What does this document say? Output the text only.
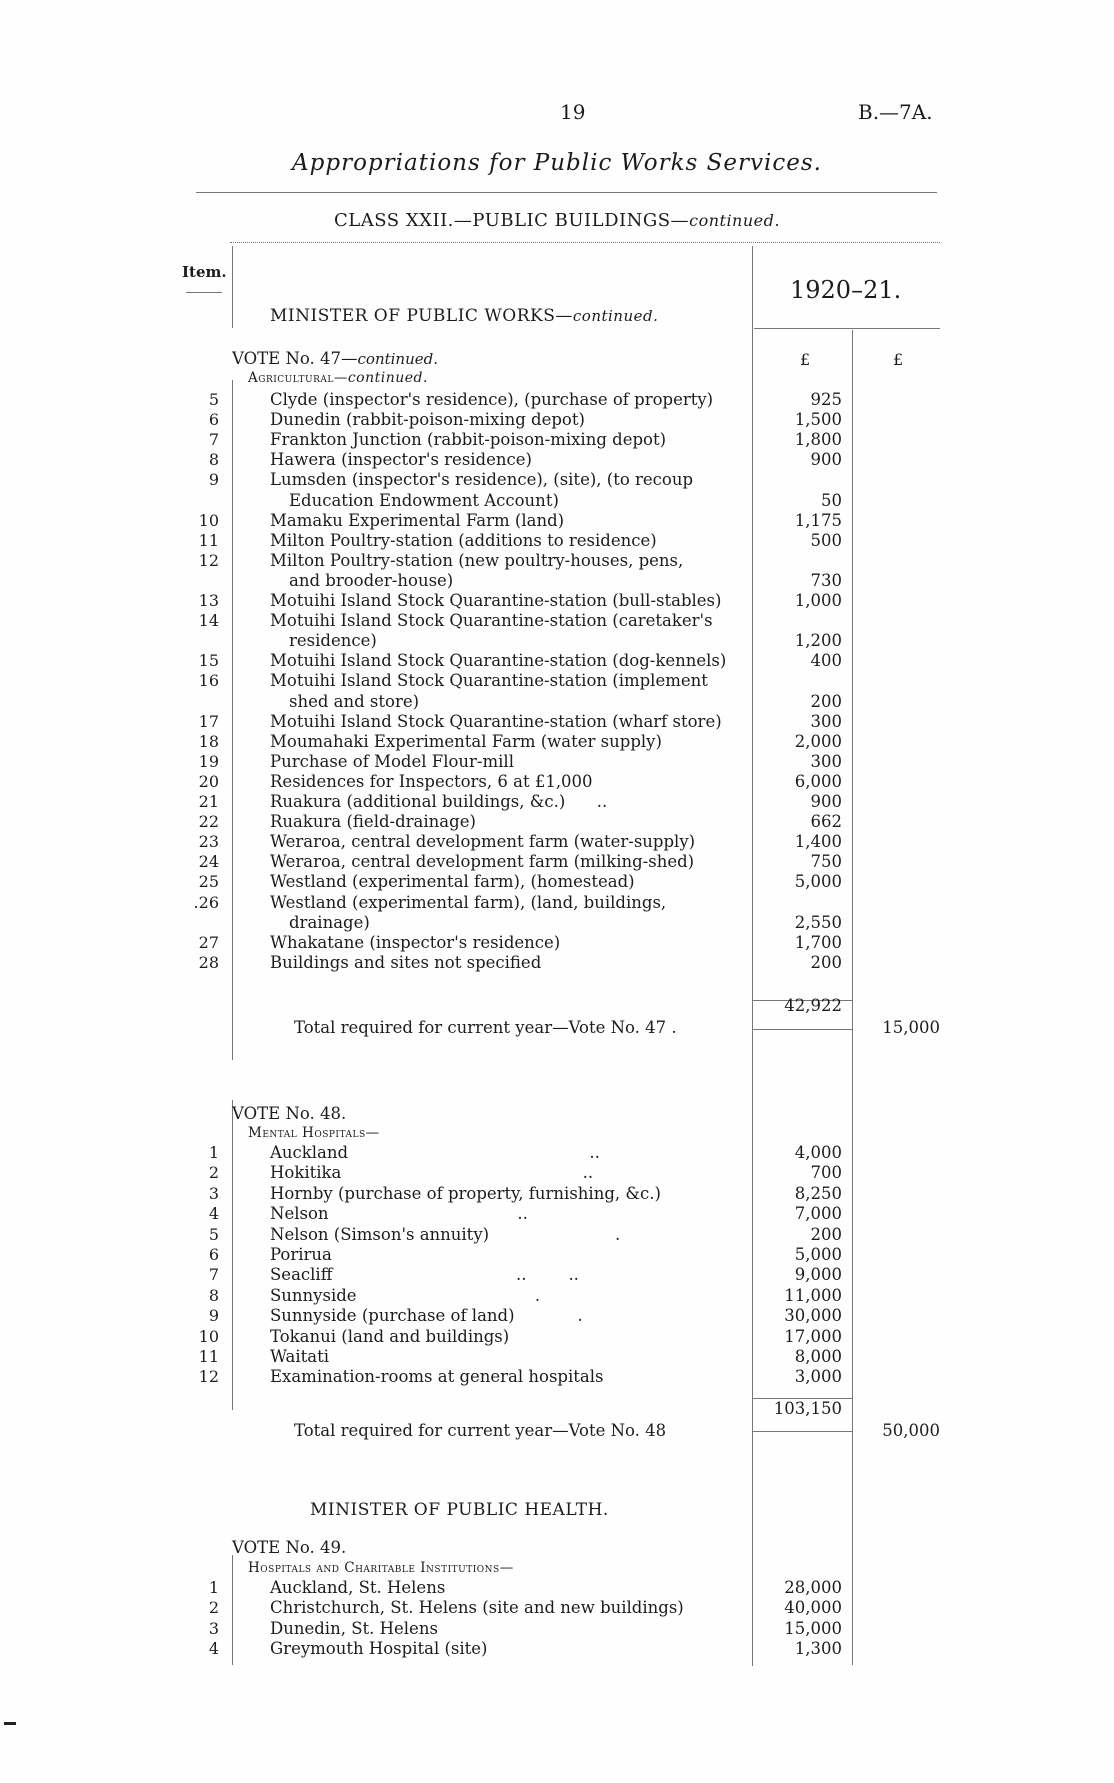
19	B.—7A.
Appropriations for Public Works Services.
CLASS XXII.—PUBLIC BUILDINGS—continued.
Item.
1920–21.
MINISTER OF PUBLIC WORKS—continued.
£	£
VOTE No. 47—continued.
Agricultural—continued.
5	Clyde (inspector's residence), (purchase of property)	925
6	Dunedin (rabbit-poison-mixing depot)	1,500
7	Frankton Junction (rabbit-poison-mixing depot)	1,800
8	Hawera (inspector's residence)	900
9	Lumsden (inspector's residence), (site), (to recoup
Education Endowment Account)	50
10	Mamaku Experimental Farm (land)	1,175
11	Milton Poultry-station (additions to residence)	500
12	Milton Poultry-station (new poultry-houses, pens,
and brooder-house)	730
13	Motuihi Island Stock Quarantine-station (bull-stables)	1,000
14	Motuihi Island Stock Quarantine-station (caretaker's
residence)	1,200
15	Motuihi Island Stock Quarantine-station (dog-kennels)	400
16	Motuihi Island Stock Quarantine-station (implement
shed and store)	200
17	Motuihi Island Stock Quarantine-station (wharf store)	300
18	Moumahaki Experimental Farm (water supply)	2,000
19	Purchase of Model Flour-mill	300
20	Residences for Inspectors, 6 at £1,000	6,000
21	Ruakura (additional buildings, &c.)      ..	900
22	Ruakura (field-drainage)	662
23	Weraroa, central development farm (water-supply)	1,400
24	Weraroa, central development farm (milking-shed)	750
25	Westland (experimental farm), (homestead)	5,000
.26	Westland (experimental farm), (land, buildings,
drainage)	2,550
27	Whakatane (inspector's residence)	1,700
28	Buildings and sites not specified	200
42,922
Total required for current year—Vote No. 47 .	15,000
VOTE No. 48.
Mental Hospitals—
1	Auckland                                              ..	4,000
2	Hokitika                                              ..	700
3	Hornby (purchase of property, furnishing, &c.)	8,250
4	Nelson                                    ..	7,000
5	Nelson (Simson's annuity)                        .	200
6	Porirua	5,000
7	Seacliff                                   ..        ..	9,000
8	Sunnyside                                  .	11,000
9	Sunnyside (purchase of land)            .	30,000
10	Tokanui (land and buildings)	17,000
11	Waitati	8,000
12	Examination-rooms at general hospitals	3,000
103,150
Total required for current year—Vote No. 48	50,000
MINISTER OF PUBLIC HEALTH.
VOTE No. 49.
Hospitals and Charitable Institutions—
1	Auckland, St. Helens	28,000
2	Christchurch, St. Helens (site and new buildings)	40,000
3	Dunedin, St. Helens	15,000
4	Greymouth Hospital (site)	1,300
